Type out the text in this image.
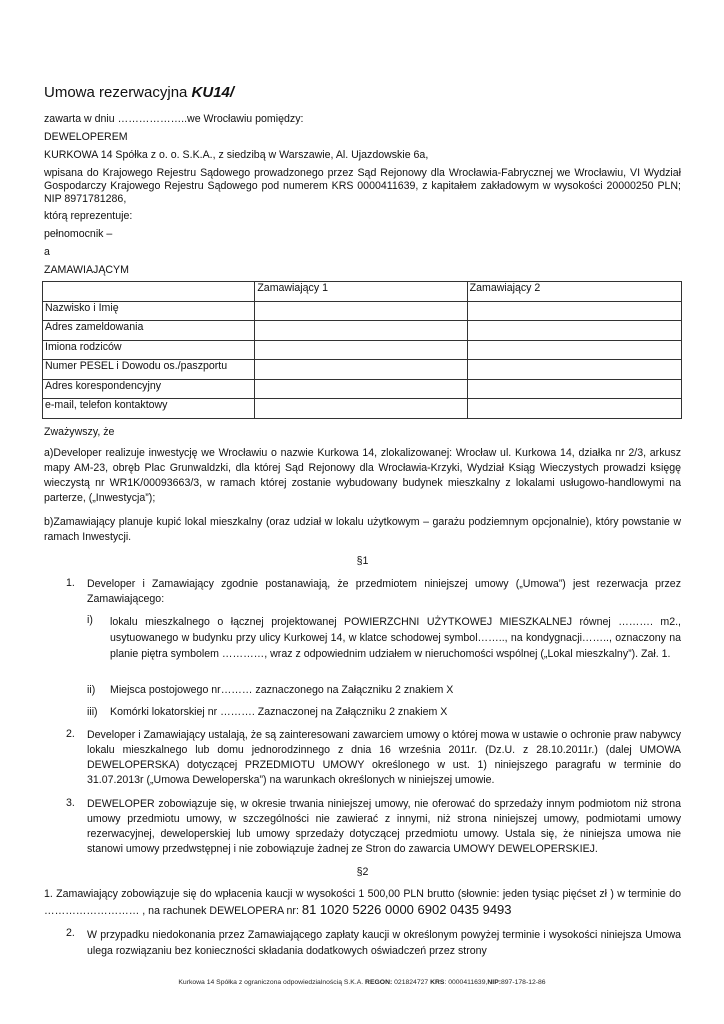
Umowa rezerwacyjna KU14/
zawarta w dniu ………………..we Wrocławiu pomiędzy:
DEWELOPEREM
KURKOWA 14 Spółka z o. o. S.K.A., z siedzibą w Warszawie, Al. Ujazdowskie 6a,
wpisana do Krajowego Rejestru Sądowego prowadzonego przez Sąd Rejonowy dla Wrocławia-Fabrycznej we Wrocławiu, VI Wydział Gospodarczy Krajowego Rejestru Sądowego pod numerem KRS 0000411639, z kapitałem zakładowym w wysokości 20000250 PLN; NIP 8971781286,
którą reprezentuje:
pełnomocnik –
a
ZAMAWIAJĄCYM
	Zamawiający 1	Zamawiający 2
Nazwisko i Imię		
Adres zameldowania		
Imiona rodziców		
Numer PESEL i Dowodu os./paszportu		
Adres korespondencyjny		
e-mail, telefon kontaktowy		
Zważywszy, że
a)Developer realizuje inwestycję we Wrocławiu o nazwie Kurkowa 14, zlokalizowanej: Wrocław ul. Kurkowa 14, działka nr 2/3, arkusz mapy AM-23, obręb Plac Grunwaldzki, dla której Sąd Rejonowy dla Wrocławia-Krzyki, Wydział Ksiąg Wieczystych prowadzi księgę wieczystą nr WR1K/00093663/3, w ramach której zostanie wybudowany budynek mieszkalny z lokalami usługowo-handlowymi na parterze, („Inwestycja”);
b)Zamawiający planuje kupić lokal mieszkalny (oraz udział w lokalu użytkowym – garażu podziemnym opcjonalnie), który powstanie w ramach Inwestycji.
§1
1. Developer i Zamawiający zgodnie postanawiają, że przedmiotem niniejszej umowy („Umowa”) jest rezerwacja przez Zamawiającego:
i) lokalu mieszkalnego o łącznej projektowanej POWIERZCHNI UŻYTKOWEJ MIESZKALNEJ równej ………. m2., usytuowanego w budynku przy ulicy Kurkowej 14, w klatce schodowej symbol…….., na kondygnacji…….., oznaczony na planie piętra symbolem …………, wraz z odpowiednim udziałem w nieruchomości wspólnej („Lokal mieszkalny”). Zał. 1.
ii) Miejsca postojowego nr……… zaznaczonego na Załączniku 2 znakiem X
iii) Komórki lokatorskiej nr ………. Zaznaczonej na Załączniku 2 znakiem X
2. Developer i Zamawiający ustalają, że są zainteresowani zawarciem umowy o której mowa w ustawie o ochronie praw nabywcy lokalu mieszkalnego lub domu jednorodzinnego z dnia 16 września 2011r. (Dz.U. z 28.10.2011r.) (dalej UMOWA DEWELOPERSKA) dotyczącej PRZEDMIOTU UMOWY określonego w ust. 1) niniejszego paragrafu w terminie do 31.07.2013r („Umowa Deweloperska”) na warunkach określonych w niniejszej umowie.
3. DEWELOPER zobowiązuje się, w okresie trwania niniejszej umowy, nie oferować do sprzedaży innym podmiotom niż strona umowy przedmiotu umowy, w szczególności nie zawierać z innymi, niż strona niniejszej umowy, podmiotami umowy rezerwacyjnej, deweloperskiej lub umowy sprzedaży dotyczącej przedmiotu umowy. Ustala się, że niniejsza umowa nie stanowi umowy przedwstępnej i nie zobowiązuje żadnej ze Stron do zawarcia UMOWY DEWELOPERSKIEJ.
§2
1. Zamawiający zobowiązuje się do wpłacenia kaucji w wysokości 1 500,00 PLN brutto (słownie: jeden tysiąc pięćset zł ) w terminie do ……………………… , na rachunek DEWELOPERA nr: 81 1020 5226 0000 6902 0435 9493
2. W przypadku niedokonania przez Zamawiającego zapłaty kaucji w określonym powyżej terminie i wysokości niniejsza Umowa ulega rozwiązaniu bez konieczności składania dodatkowych oświadczeń przez strony
Kurkowa 14 Spółka z ograniczona odpowiedzialnością S.K.A. REGON: 021824727 KRS: 0000411639,NIP:897-178-12-86
